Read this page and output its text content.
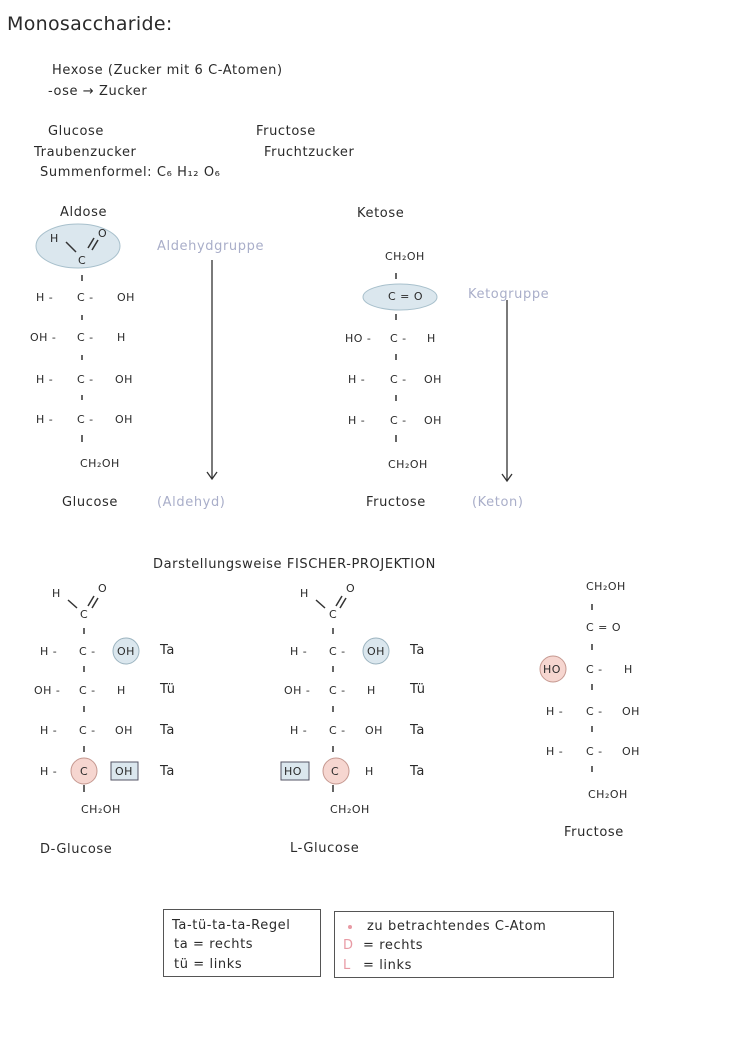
Monosaccharide:
Hexose (Zucker mit 6 C-Atomen)
-ose → Zucker
Glucose
Traubenzucker
Fructose
Fruchtzucker
Summenformel: C₆ H₁₂ O₆
Aldose
H	O
C
Aldehydgruppe
H - C - OH
OH - C - H
H - C - OH
H - C - OH
CH₂OH
Glucose	(Aldehyd)
Ketose
CH₂OH
C = O	Ketogruppe
HO - C - H
H - C - OH
H - C - OH
CH₂OH
Fructose	(Keton)
Darstellungsweise FISCHER-PROJEKTION
H	O
C
H - C - OH Ta
OH - C - H	Tü
H - C - OH Ta
H - C OH Ta
CH₂OH
D-Glucose
H	O
C
H - C - OH Ta
OH - C - H	Tü
H - C - OH Ta
HO	C H	Ta
CH₂OH
L-Glucose
CH₂OH
C = O
HO C - H
H - C - OH
H - C - OH
CH₂OH
Fructose
Ta-tü-ta-ta-Regel
ta = rechts
tü = links
zu betrachtendes C-Atom
D = rechts
L = links
